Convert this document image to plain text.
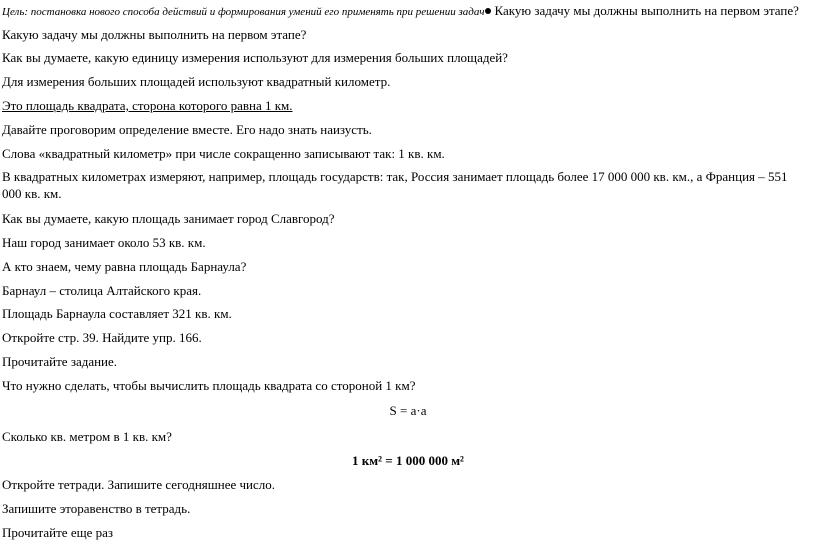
Цель: постановка нового способа действий и формирования умений его применять при решении задач Какую задачу мы должны выполнить на первом этапе?
Какую задачу мы должны выполнить на первом этапе?
Как вы думаете, какую единицу измерения используют для измерения больших площадей?
Для измерения больших площадей используют квадратный километр.
Это площадь квадрата, сторона которого равна 1 км.
Давайте проговорим определение вместе. Его надо знать наизусть.
Слова «квадратный километр» при числе сокращенно записывают так: 1 кв. км.
В квадратных километрах измеряют, например, площадь государств: так, Россия занимает площадь более 17 000 000 кв. км., а Франция – 551 000 кв. км.
Как вы думаете, какую площадь занимает город Славгород?
Наш город занимает около 53 кв. км.
А кто знаем, чему равна площадь Барнаула?
Барнаул – столица Алтайского края.
Площадь Барнаула составляет 321 кв. км.
Откройте стр. 39. Найдите упр. 166.
Прочитайте задание.
Что нужно сделать, чтобы вычислить площадь квадрата со стороной 1 км?
S = a·a
Сколько кв. метром в 1 кв. км?
1 км² = 1 000 000 м²
Откройте тетради. Запишите сегодняшнее число.
Запишите эторавенство в тетрадь.
Прочитайте еще раз
